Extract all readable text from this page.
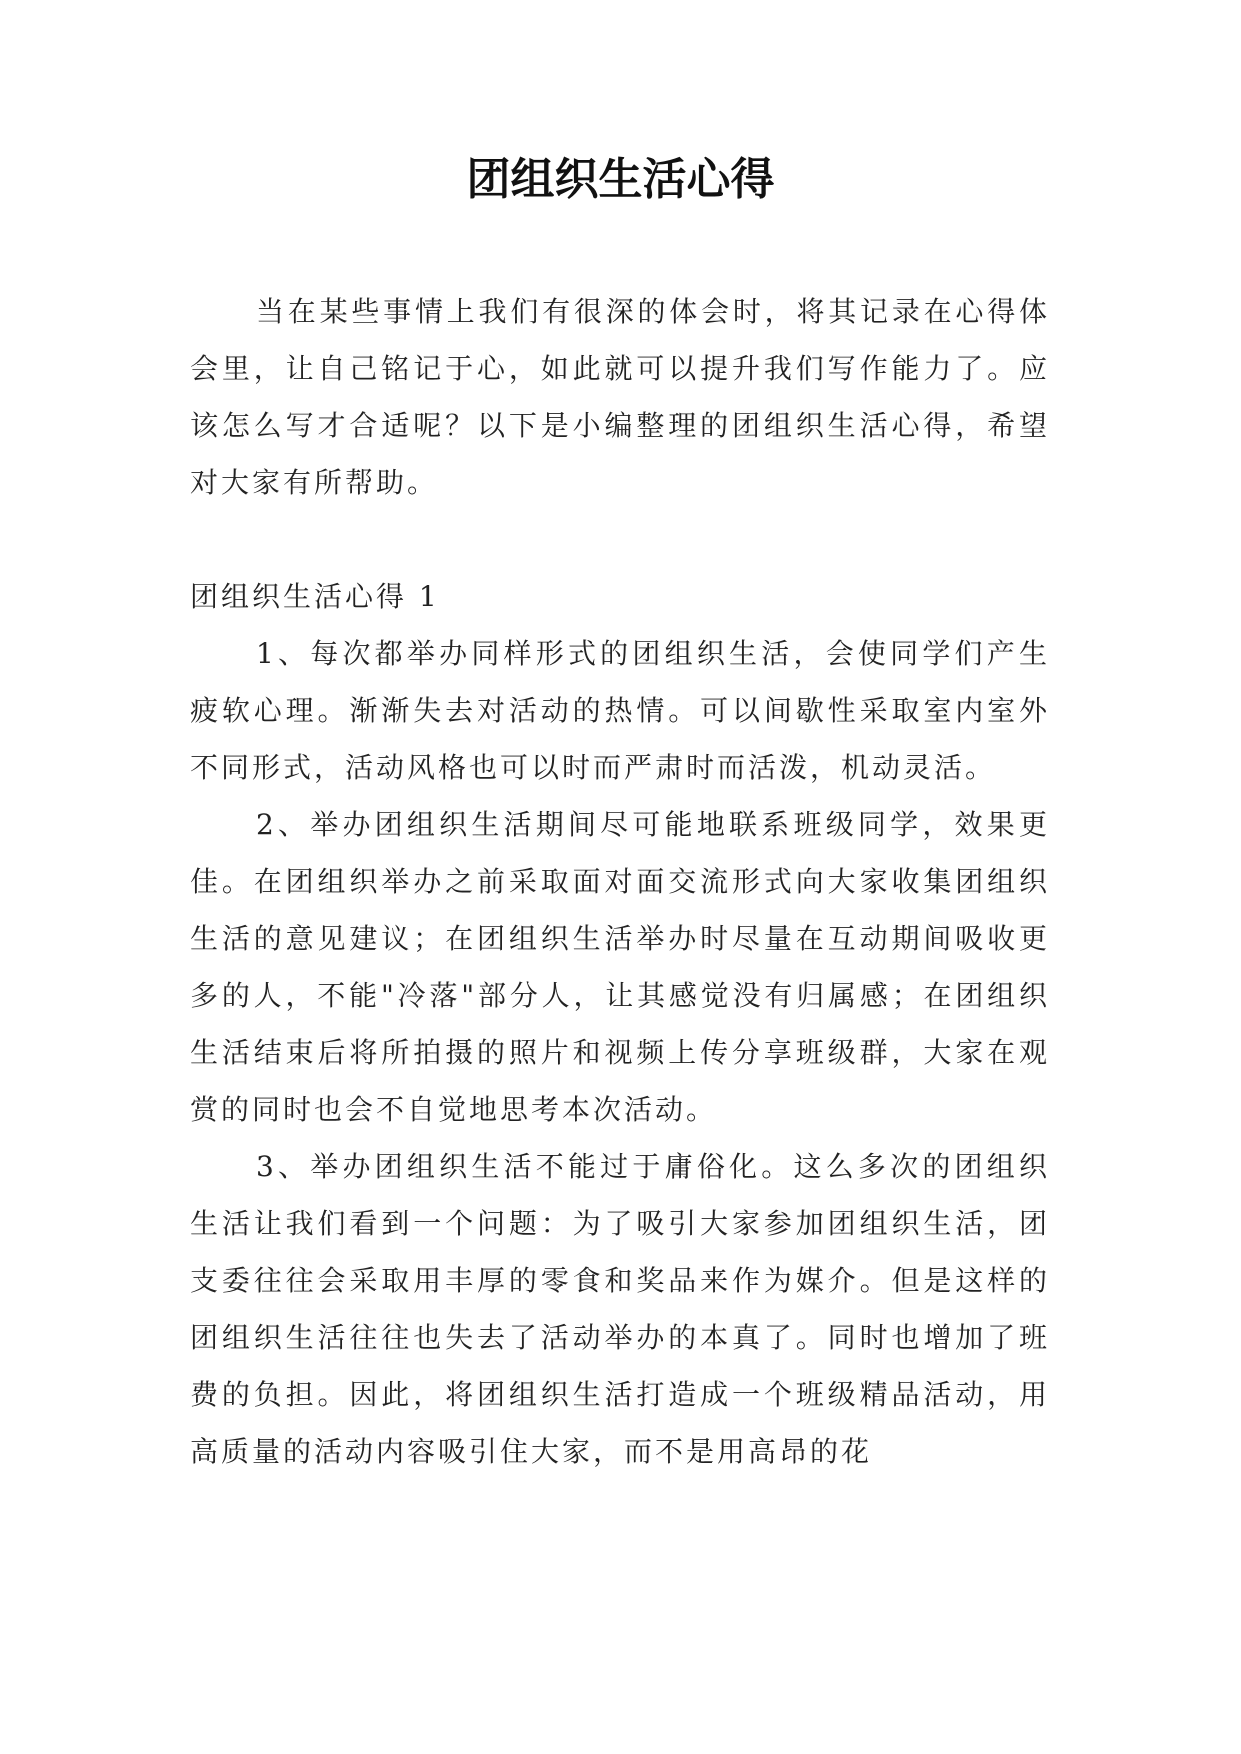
团组织生活心得

当在某些事情上我们有很深的体会时，将其记录在心得体会里，让自己铭记于心，如此就可以提升我们写作能力了。应该怎么写才合适呢？以下是小编整理的团组织生活心得，希望对大家有所帮助。

团组织生活心得 1

1、每次都举办同样形式的团组织生活，会使同学们产生疲软心理。渐渐失去对活动的热情。可以间歇性采取室内室外不同形式，活动风格也可以时而严肃时而活泼，机动灵活。

2、举办团组织生活期间尽可能地联系班级同学，效果更佳。在团组织举办之前采取面对面交流形式向大家收集团组织生活的意见建议；在团组织生活举办时尽量在互动期间吸收更多的人，不能"冷落"部分人，让其感觉没有归属感；在团组织生活结束后将所拍摄的照片和视频上传分享班级群，大家在观赏的同时也会不自觉地思考本次活动。

3、举办团组织生活不能过于庸俗化。这么多次的团组织生活让我们看到一个问题：为了吸引大家参加团组织生活，团支委往往会采取用丰厚的零食和奖品来作为媒介。但是这样的团组织生活往往也失去了活动举办的本真了。同时也增加了班费的负担。因此，将团组织生活打造成一个班级精品活动，用高质量的活动内容吸引住大家，而不是用高昂的花
